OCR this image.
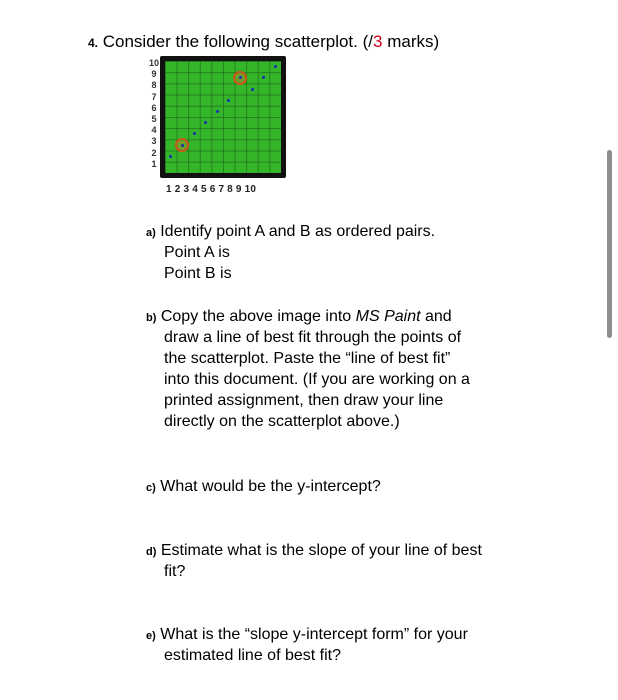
4. Consider the following scatterplot. (/3 marks)
10
9
8
7
6
5
4
3
2
1
1 2 3 4 5 6 7 8 9 10
a) Identify point A and B as ordered pairs.
Point A is
Point B is
b) Copy the above image into MS Paint and
draw a line of best fit through the points of
the scatterplot. Paste the “line of best fit”
into this document. (If you are working on a
printed assignment, then draw your line
directly on the scatterplot above.)
c) What would be the y-intercept?
d) Estimate what is the slope of your line of best
fit?
e) What is the “slope y-intercept form” for your
estimated line of best fit?
